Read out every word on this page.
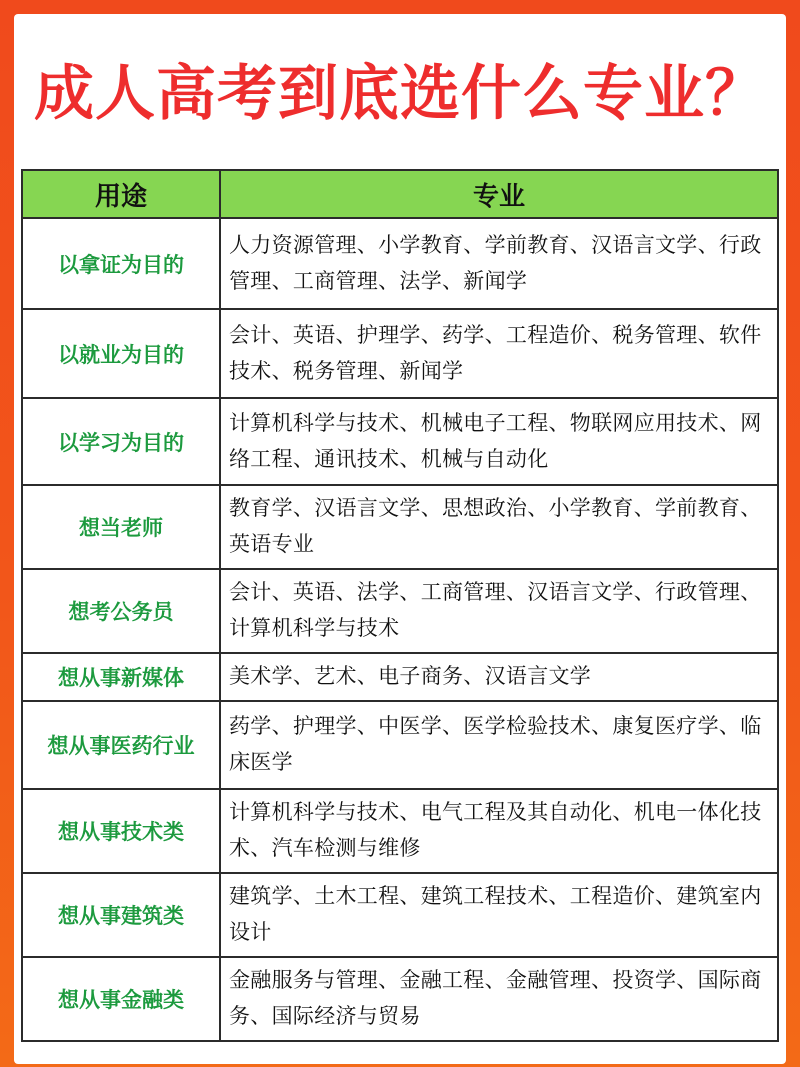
成人高考到底选什么专业？
用途	专业
以拿证为目的	人力资源管理、小学教育、学前教育、汉语言文学、行政管理、工商管理、法学、新闻学
以就业为目的	会计、英语、护理学、药学、工程造价、税务管理、软件技术、税务管理、新闻学
以学习为目的	计算机科学与技术、机械电子工程、物联网应用技术、网络工程、通讯技术、机械与自动化
想当老师	教育学、汉语言文学、思想政治、小学教育、学前教育、英语专业
想考公务员	会计、英语、法学、工商管理、汉语言文学、行政管理、计算机科学与技术
想从事新媒体	美术学、艺术、电子商务、汉语言文学
想从事医药行业	药学、护理学、中医学、医学检验技术、康复医疗学、临床医学
想从事技术类	计算机科学与技术、电气工程及其自动化、机电一体化技术、汽车检测与维修
想从事建筑类	建筑学、土木工程、建筑工程技术、工程造价、建筑室内设计
想从事金融类	金融服务与管理、金融工程、金融管理、投资学、国际商务、国际经济与贸易
